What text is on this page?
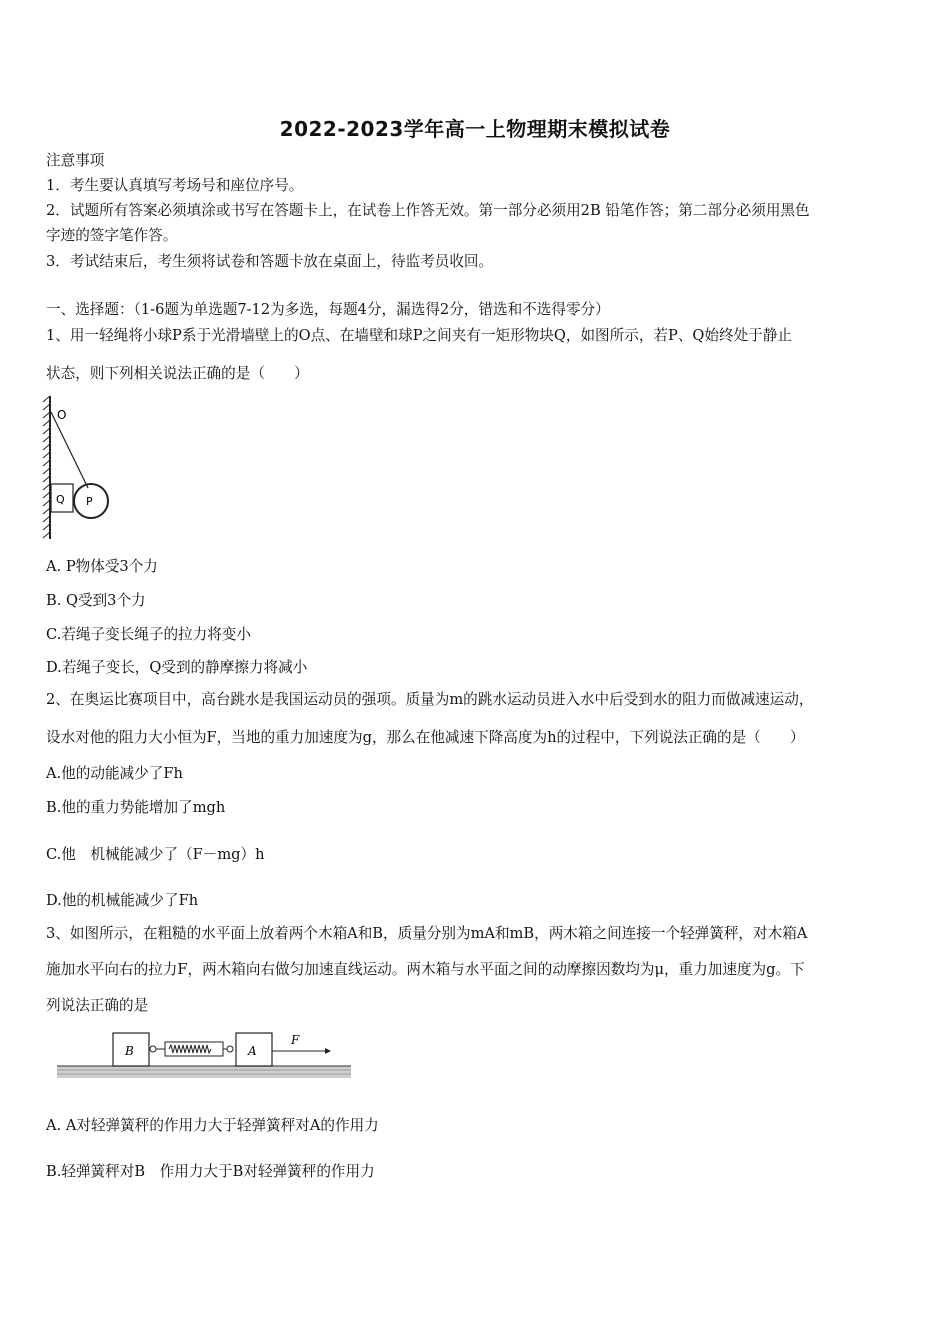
2022-2023学年高一上物理期末模拟试卷
注意事项
1．考生要认真填写考场号和座位序号。
2．试题所有答案必须填涂或书写在答题卡上，在试卷上作答无效。第一部分必须用2B 铅笔作答；第二部分必须用黑色
字迹的签字笔作答。
3．考试结束后，考生须将试卷和答题卡放在桌面上，待监考员收回。
一、选择题：（1-6题为单选题7-12为多选，每题4分，漏选得2分，错选和不选得零分）
1、用一轻绳将小球P系于光滑墙壁上的O点、在墙壁和球P之间夹有一矩形物块Q，如图所示，若P、Q始终处于静止
状态，则下列相关说法正确的是（　　）
O
Q P
A. P物体受3个力
B. Q受到3个力
C.若绳子变长绳子的拉力将变小
D.若绳子变长，Q受到的静摩擦力将减小
2、在奥运比赛项目中，高台跳水是我国运动员的强项。质量为m的跳水运动员进入水中后受到水的阻力而做减速运动，
设水对他的阻力大小恒为F，当地的重力加速度为g，那么在他减速下降高度为h的过程中，下列说法正确的是（　　）
A.他的动能减少了Fh
B.他的重力势能增加了mgh
C.他　机械能减少了（F－mg）h
D.他的机械能减少了Fh
3、如图所示，在粗糙的水平面上放着两个木箱A和B，质量分别为mA和mB，两木箱之间连接一个轻弹簧秤，对木箱A
施加水平向右的拉力F，两木箱向右做匀加速直线运动。两木箱与水平面之间的动摩擦因数均为μ，重力加速度为g。下
列说法正确的是
B	A
F
A. A对轻弹簧秤的作用力大于轻弹簧秤对A的作用力
B.轻弹簧秤对B　作用力大于B对轻弹簧秤的作用力
